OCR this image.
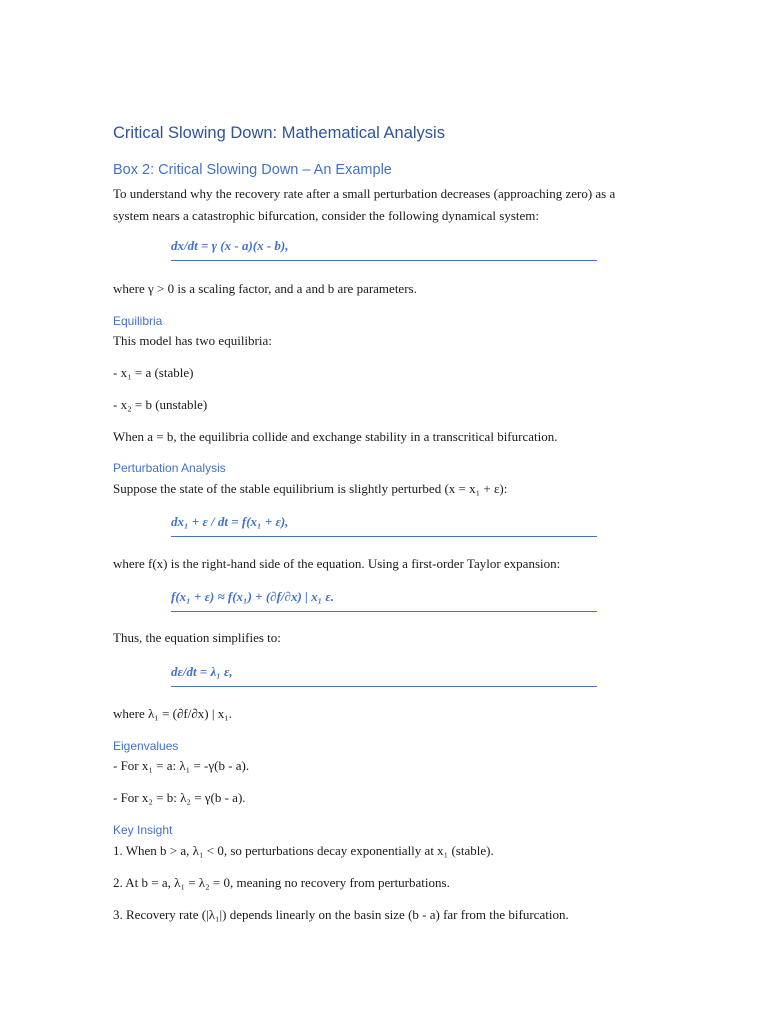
Critical Slowing Down: Mathematical Analysis
Box 2: Critical Slowing Down – An Example
To understand why the recovery rate after a small perturbation decreases (approaching zero) as a system nears a catastrophic bifurcation, consider the following dynamical system:
dx/dt = γ (x - a)(x - b),
where γ > 0 is a scaling factor, and a and b are parameters.
Equilibria
This model has two equilibria:
- x₁ = a (stable)
- x₂ = b (unstable)
When a = b, the equilibria collide and exchange stability in a transcritical bifurcation.
Perturbation Analysis
Suppose the state of the stable equilibrium is slightly perturbed (x = x₁ + ε):
dx₁ + ε / dt = f(x₁ + ε),
where f(x) is the right-hand side of the equation. Using a first-order Taylor expansion:
f(x₁ + ε) ≈ f(x₁) + (∂f/∂x) | x₁ ε.
Thus, the equation simplifies to:
dε/dt = λ₁ ε,
where λ₁ = (∂f/∂x) | x₁.
Eigenvalues
- For x₁ = a: λ₁ = -γ(b - a).
- For x₂ = b: λ₂ = γ(b - a).
Key Insight
1. When b > a, λ₁ < 0, so perturbations decay exponentially at x₁ (stable).
2. At b = a, λ₁ = λ₂ = 0, meaning no recovery from perturbations.
3. Recovery rate (|λ₁|) depends linearly on the basin size (b - a) far from the bifurcation.
